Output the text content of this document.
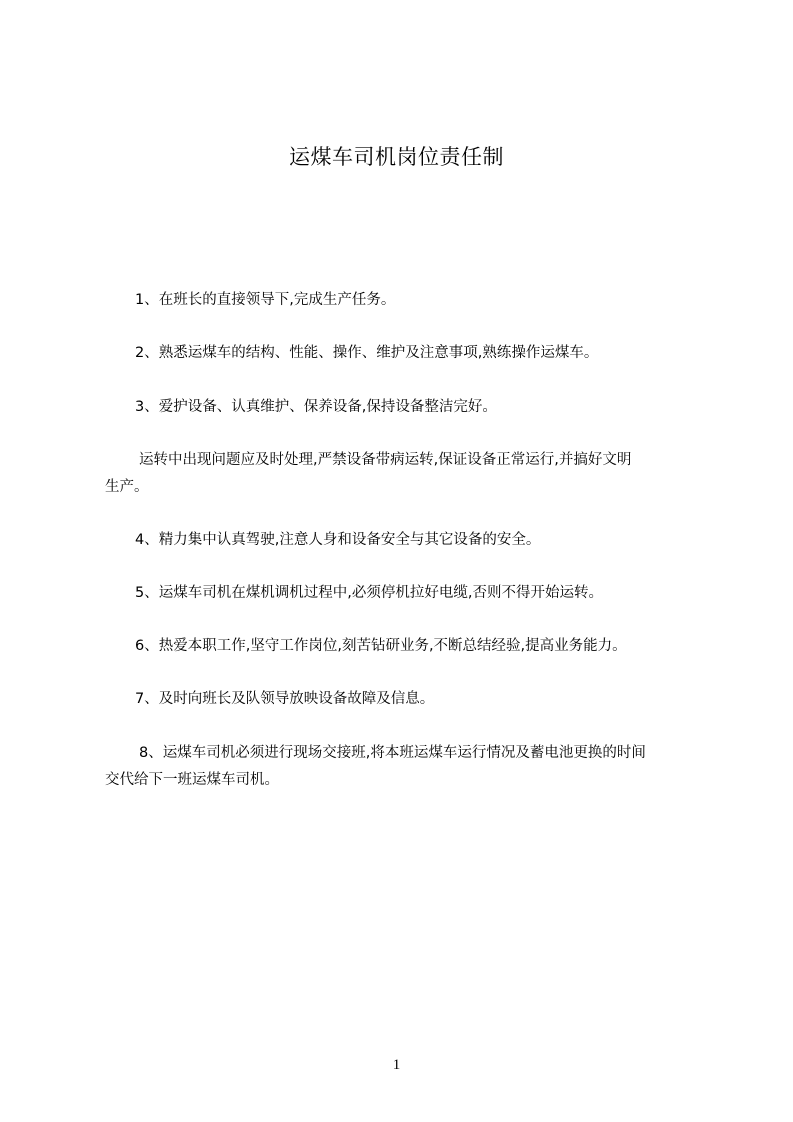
运煤车司机岗位责任制
1、在班长的直接领导下,完成生产任务。
2、熟悉运煤车的结构、性能、操作、维护及注意事项,熟练操作运煤车。
3、爱护设备、认真维护、保养设备,保持设备整洁完好。
运转中出现问题应及时处理,严禁设备带病运转,保证设备正常运行,并搞好文明
生产。
4、精力集中认真驾驶,注意人身和设备安全与其它设备的安全。
5、运煤车司机在煤机调机过程中,必须停机拉好电缆,否则不得开始运转。
6、热爱本职工作,坚守工作岗位,刻苦钻研业务,不断总结经验,提高业务能力。
7、及时向班长及队领导放映设备故障及信息。
8、运煤车司机必须进行现场交接班,将本班运煤车运行情况及蓄电池更换的时间
交代给下一班运煤车司机。
1
